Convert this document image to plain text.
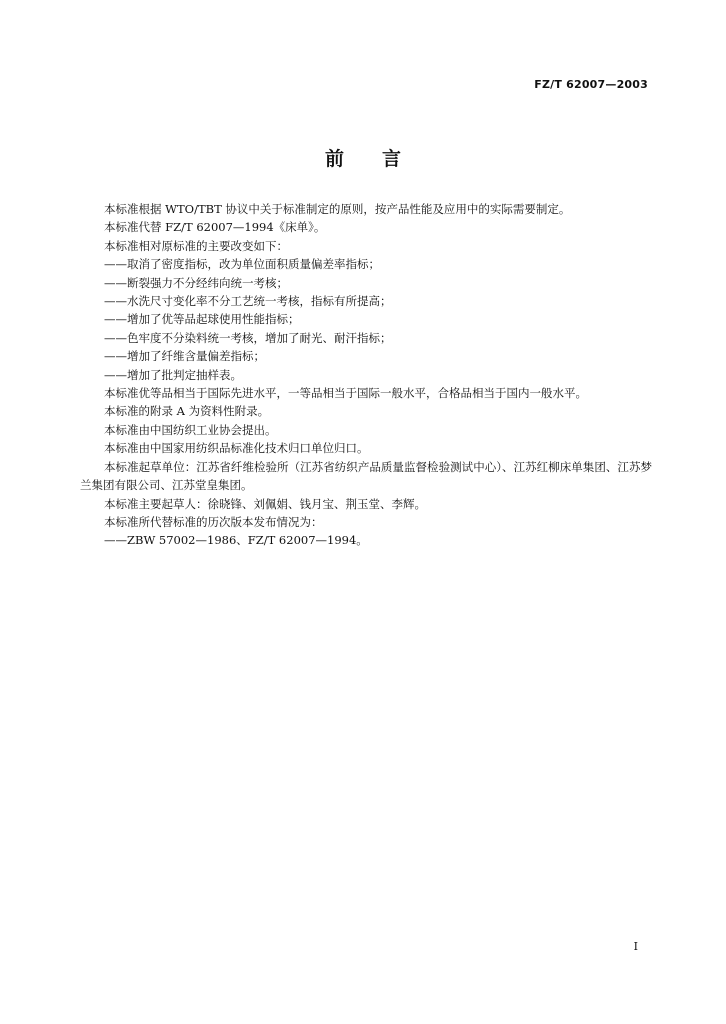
FZ/T 62007—2003
前言

本标准根据 WTO/TBT 协议中关于标准制定的原则，按产品性能及应用中的实际需要制定。

本标准代替 FZ/T 62007—1994《床单》。

本标准相对原标准的主要改变如下：

——取消了密度指标，改为单位面积质量偏差率指标；

——断裂强力不分经纬向统一考核；

——水洗尺寸变化率不分工艺统一考核，指标有所提高；

——增加了优等品起球使用性能指标；

——色牢度不分染料统一考核，增加了耐光、耐汗指标；

——增加了纤维含量偏差指标；

——增加了批判定抽样表。

本标准优等品相当于国际先进水平，一等品相当于国际一般水平，合格品相当于国内一般水平。

本标准的附录 A 为资料性附录。

本标准由中国纺织工业协会提出。

本标准由中国家用纺织品标准化技术归口单位归口。

本标准起草单位：江苏省纤维检验所（江苏省纺织产品质量监督检验测试中心）、江苏红柳床单集团、江苏梦兰集团有限公司、江苏堂皇集团。

本标准主要起草人：徐晓锋、刘佩娟、钱月宝、荆玉堂、李辉。

本标准所代替标准的历次版本发布情况为：

——ZBW 57002—1986、FZ/T 62007—1994。

I
